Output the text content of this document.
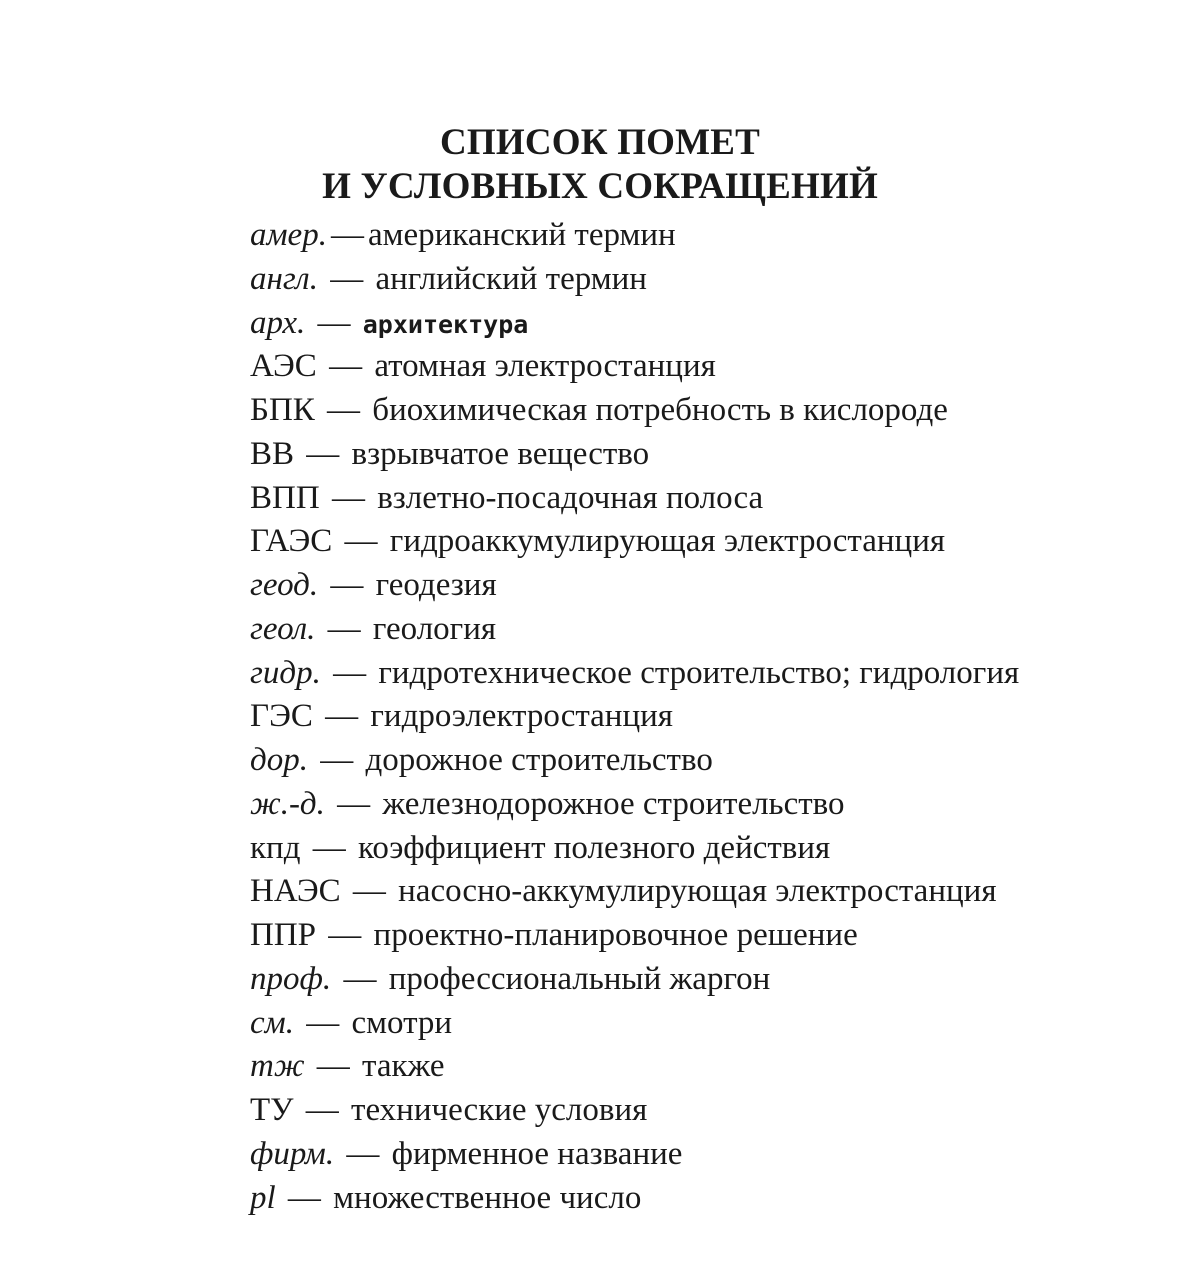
СПИСОК ПОМЕТ
И УСЛОВНЫХ СОКРАЩЕНИЙ
амер. — американский термин
англ. — английский термин
арх. — архитектура
АЭС — атомная электростанция
БПК — биохимическая потребность в кислороде
ВВ — взрывчатое вещество
ВПП — взлетно-посадочная полоса
ГАЭС — гидроаккумулирующая электростанция
геод. — геодезия
геол. — геология
гидр. — гидротехническое строительство; гидрология
ГЭС — гидроэлектростанция
дор. — дорожное строительство
ж.-д. — железнодорожное строительство
кпд — коэффициент полезного действия
НАЭС — насосно-аккумулирующая электростанция
ППР — проектно-планировочное решение
проф. — профессиональный жаргон
см. — смотри
тж — также
ТУ — технические условия
фирм. — фирменное название
pl — множественное число
